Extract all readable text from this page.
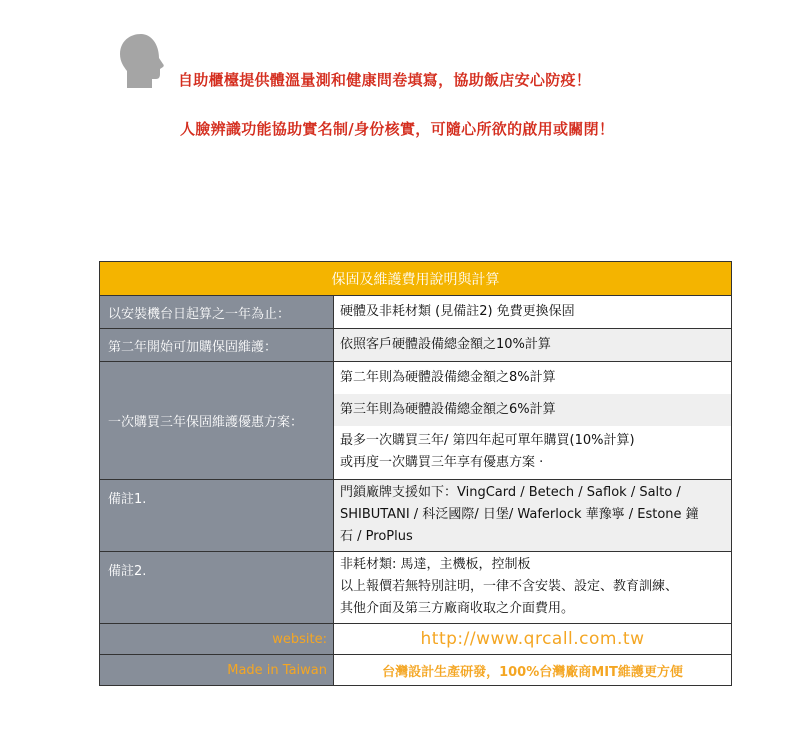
自助櫃檯提供體溫量測和健康問卷填寫，協助飯店安心防疫！
人臉辨識功能協助實名制/身份核實，可隨心所欲的啟用或關閉！
保固及維護費用說明與計算	
以安裝機台日起算之一年為止：	硬體及非耗材類 (見備註2) 免費更換保固
第二年開始可加購保固維護：	依照客戶硬體設備總金額之10%計算
一次購買三年保固維護優惠方案：	第二年則為硬體設備總金額之8%計算
第三年則為硬體設備總金額之6%計算
最多一次購買三年/ 第四年起可單年購買(10%計算)
或再度一次購買三年享有優惠方案 ·

備註1.	門鎖廠牌支援如下：VingCard / Betech / Saflok / Salto /
SHIBUTANI / 科泛國際/ 日堡/ Waferlock 華豫寧 / Estone 鐘
石 / ProPlus

備註2.	非耗材類: 馬達，主機板，控制板
以上報價若無特別註明，一律不含安裝、設定、教育訓練、
其他介面及第三方廠商收取之介面費用。

website:	http://www.qrcall.com.tw
Made in Taiwan	台灣設計生產研發，100%台灣廠商MIT維護更方便
